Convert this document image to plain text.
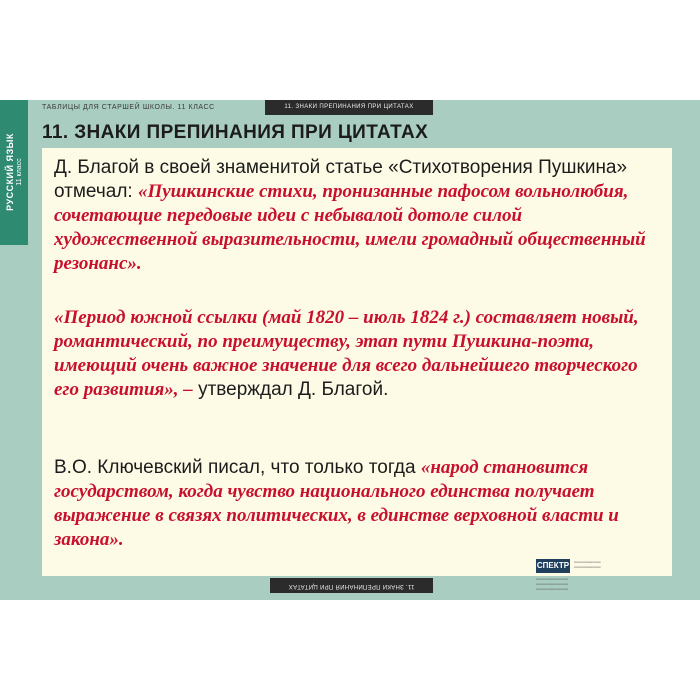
РУССКИЙ ЯЗЫК 11 класс
11. ЗНАКИ ПРЕПИНАНИЯ ПРИ ЦИТАТАХ
ТАБЛИЦЫ ДЛЯ СТАРШЕЙ ШКОЛЫ. 11 КЛАСС
11. ЗНАКИ ПРЕПИНАНИЯ ПРИ ЦИТАТАХ

Д. Благой в своей знаменитой статье «Стихотворения Пушкина» отмечал: «Пушкинские стихи, пронизанные пафосом вольнолюбия, сочетающие передовые идеи с небывалой дотоле силой художественной выразительности, имели громадный общественный резонанс».

«Период южной ссылки (май 1820 – июль 1824 г.) составляет новый, романтический, по преимуществу, этап пути Пушкина-поэта, имеющий очень важное значение для всего дальнейшего творческого его развития», – утверждал Д. Благой.

В.О. Ключевский писал, что только тогда «народ становится государством, когда чувство национального единства получает выражение в связях политических, в единстве верховной власти и закона».

11. ЗНАКИ ПРЕПИНАНИЯ ПРИ ЦИТАТАХ
СПЕКТР	▪▪▪▪▪▪▪▪▪▪▪▪▪▪▪▪▪▪▪▪▪▪▪▪▪
▪▪▪▪▪▪▪▪▪▪▪▪▪▪▪▪▪▪▪▪▪▪▪▪▪
▪▪▪▪▪▪▪▪▪▪▪▪▪▪▪▪▪▪▪▪▪▪▪▪▪▪▪▪▪▪
▪▪▪▪▪▪▪▪▪▪▪▪▪▪▪▪▪▪▪▪▪▪▪▪▪▪▪▪▪▪
▪▪▪▪▪▪▪▪▪▪▪▪▪▪▪▪▪▪▪▪▪▪▪▪▪▪▪▪▪▪
